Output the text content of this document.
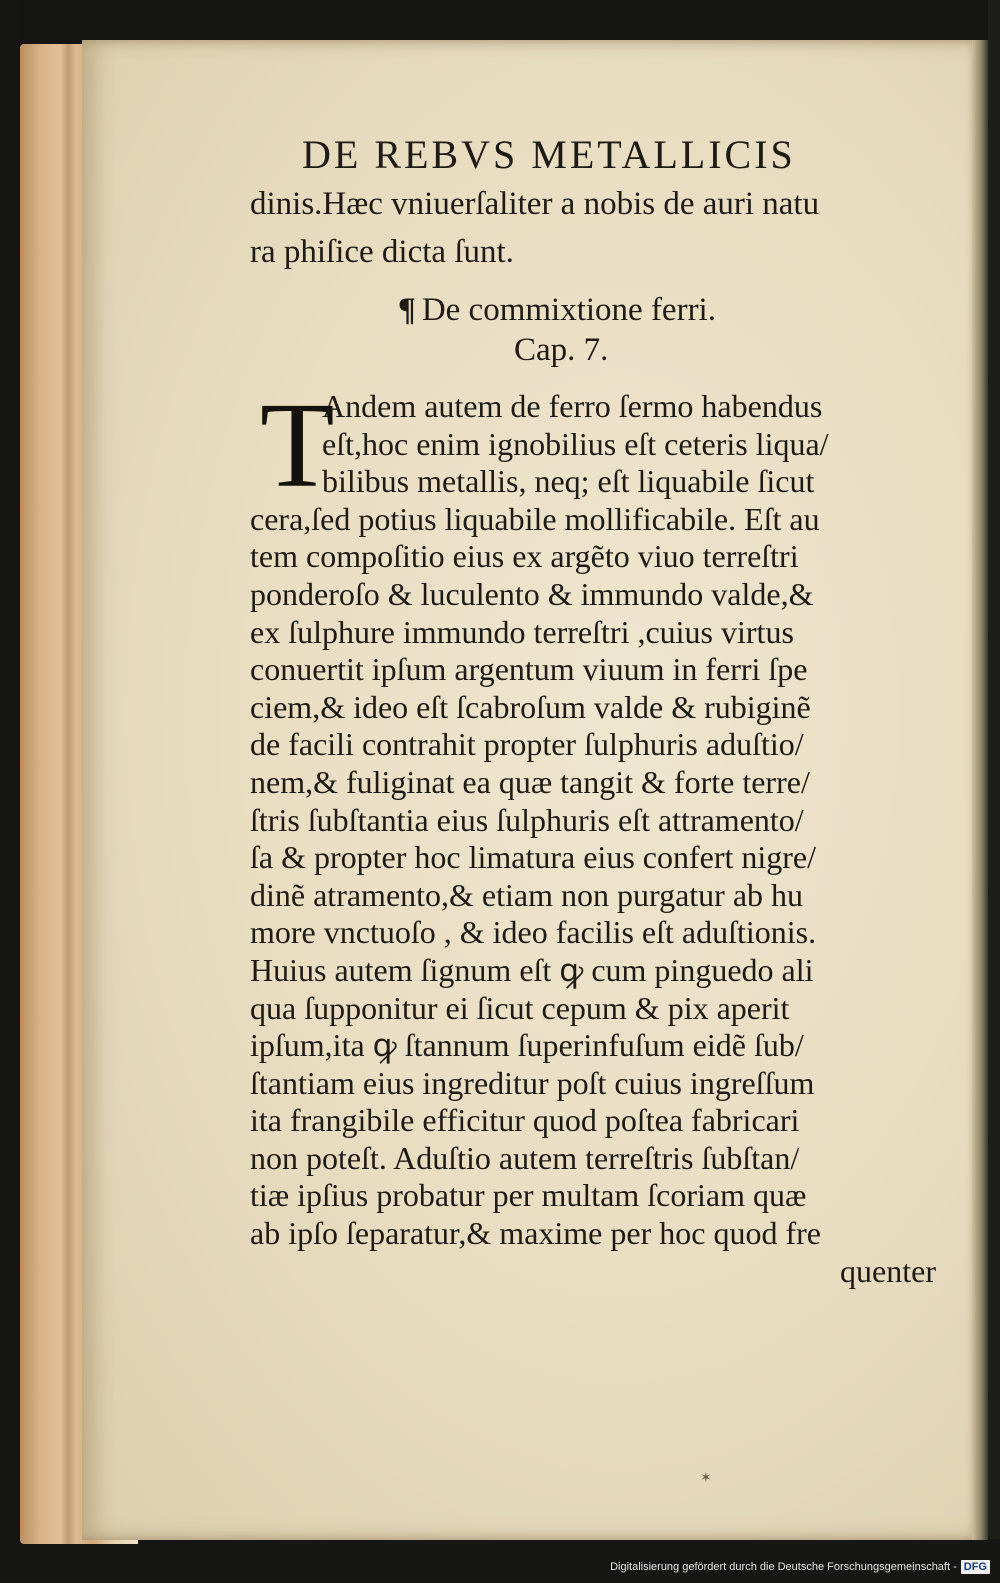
DE REBVS METALLICIS

dinis.Hæc vniuerſaliter a nobis de auri natu

ra phiſice dicta ſunt.

¶ De commixtione ferri.
Cap. 7.
T

Andem autem de ferro ſermo habendus

eſt,hoc enim ignobilius eſt ceteris liqua/

bilibus metallis, neq; eſt liquabile ſicut

cera,ſed potius liquabile mollificabile. Eſt au

tem compoſitio eius ex argẽto viuo terreſtri

ponderoſo & luculento & immundo valde,&

ex ſulphure immundo terreſtri ,cuius virtus

conuertit ipſum argentum viuum in ferri ſpe

ciem,& ideo eſt ſcabroſum valde & rubiginẽ

de facili contrahit propter ſulphuris aduſtio/

nem,& fuliginat ea quæ tangit & forte terre/

ſtris ſubſtantia eius ſulphuris eſt attramento/

ſa & propter hoc limatura eius confert nigre/

dinẽ atramento,& etiam non purgatur ab hu

more vnctuoſo , & ideo facilis eſt aduſtionis.

Huius autem ſignum eſt ꝙ cum pinguedo ali

qua ſupponitur ei ſicut cepum & pix aperit

ipſum,ita ꝙ ſtannum ſuperinfuſum eidẽ ſub/

ſtantiam eius ingreditur poſt cuius ingreſſum

ita frangibile efficitur quod poſtea fabricari

non poteſt. Aduſtio autem terreſtris ſubſtan/

tiæ ipſius probatur per multam ſcoriam quæ

ab ipſo ſeparatur,& maxime per hoc quod fre

quenter

✶
Digitalisierung gefördert durch die Deutsche Forschungsgemeinschaft - DFG
